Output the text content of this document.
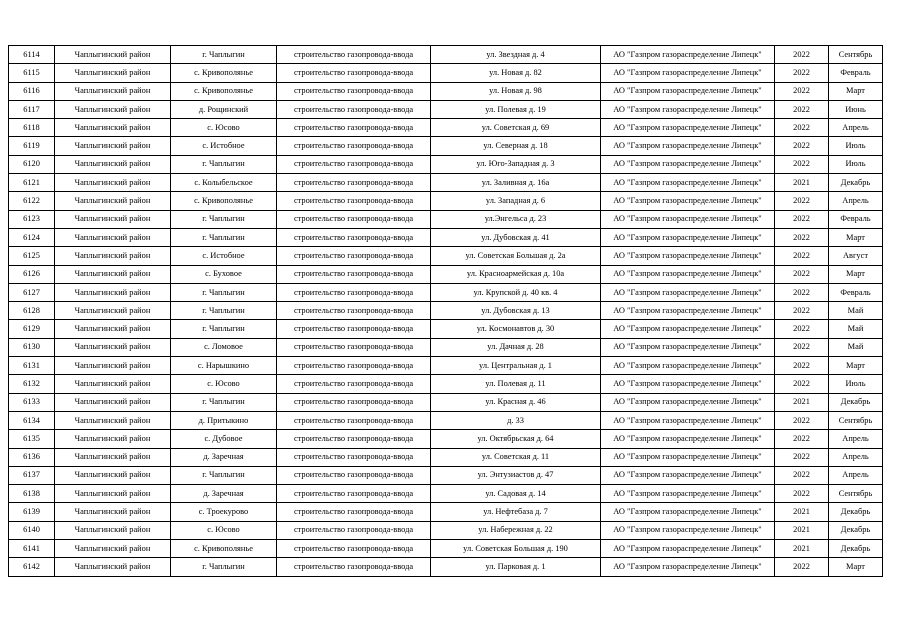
6114	Чаплыгинский район	г. Чаплыгин	строительство газопровода-ввода	ул. Звездная д. 4	АО "Газпром газораспределение Липецк"	2022	Сентябрь
6115	Чаплыгинский район	с. Кривополянье	строительство газопровода-ввода	ул. Новая д. 82	АО "Газпром газораспределение Липецк"	2022	Февраль
6116	Чаплыгинский район	с. Кривополянье	строительство газопровода-ввода	ул. Новая д. 98	АО "Газпром газораспределение Липецк"	2022	Март
6117	Чаплыгинский район	д. Рощинский	строительство газопровода-ввода	ул. Полевая д. 19	АО "Газпром газораспределение Липецк"	2022	Июнь
6118	Чаплыгинский район	с. Юсово	строительство газопровода-ввода	ул. Советская д. 69	АО "Газпром газораспределение Липецк"	2022	Апрель
6119	Чаплыгинский район	с. Истобное	строительство газопровода-ввода	ул. Северная д. 18	АО "Газпром газораспределение Липецк"	2022	Июль
6120	Чаплыгинский район	г. Чаплыгин	строительство газопровода-ввода	ул. Юго-Западная д. 3	АО "Газпром газораспределение Липецк"	2022	Июль
6121	Чаплыгинский район	с. Колыбельское	строительство газопровода-ввода	ул. Заливная д. 16а	АО "Газпром газораспределение Липецк"	2021	Декабрь
6122	Чаплыгинский район	с. Кривополянье	строительство газопровода-ввода	ул. Западная д. 6	АО "Газпром газораспределение Липецк"	2022	Апрель
6123	Чаплыгинский район	г. Чаплыгин	строительство газопровода-ввода	ул.Энгельса д. 23	АО "Газпром газораспределение Липецк"	2022	Февраль
6124	Чаплыгинский район	г. Чаплыгин	строительство газопровода-ввода	ул. Дубовская д. 41	АО "Газпром газораспределение Липецк"	2022	Март
6125	Чаплыгинский район	с. Истобное	строительство газопровода-ввода	ул. Советская Большая д. 2а	АО "Газпром газораспределение Липецк"	2022	Август
6126	Чаплыгинский район	с. Буховое	строительство газопровода-ввода	ул. Красноармейская д. 10а	АО "Газпром газораспределение Липецк"	2022	Март
6127	Чаплыгинский район	г. Чаплыгин	строительство газопровода-ввода	ул. Крупской д. 40 кв. 4	АО "Газпром газораспределение Липецк"	2022	Февраль
6128	Чаплыгинский район	г. Чаплыгин	строительство газопровода-ввода	ул. Дубовская д. 13	АО "Газпром газораспределение Липецк"	2022	Май
6129	Чаплыгинский район	г. Чаплыгин	строительство газопровода-ввода	ул. Космонавтов д. 30	АО "Газпром газораспределение Липецк"	2022	Май
6130	Чаплыгинский район	с. Ломовое	строительство газопровода-ввода	ул. Дачная д. 28	АО "Газпром газораспределение Липецк"	2022	Май
6131	Чаплыгинский район	с. Нарышкино	строительство газопровода-ввода	ул. Центральная д. 1	АО "Газпром газораспределение Липецк"	2022	Март
6132	Чаплыгинский район	с. Юсово	строительство газопровода-ввода	ул. Полевая д. 11	АО "Газпром газораспределение Липецк"	2022	Июль
6133	Чаплыгинский район	г. Чаплыгин	строительство газопровода-ввода	ул. Красная д. 46	АО "Газпром газораспределение Липецк"	2021	Декабрь
6134	Чаплыгинский район	д. Притыкино	строительство газопровода-ввода	д. 33	АО "Газпром газораспределение Липецк"	2022	Сентябрь
6135	Чаплыгинский район	с. Дубовое	строительство газопровода-ввода	ул. Октябрьская д. 64	АО "Газпром газораспределение Липецк"	2022	Апрель
6136	Чаплыгинский район	д. Заречная	строительство газопровода-ввода	ул. Советская д. 11	АО "Газпром газораспределение Липецк"	2022	Апрель
6137	Чаплыгинский район	г. Чаплыгин	строительство газопровода-ввода	ул. Энтузиастов д. 47	АО "Газпром газораспределение Липецк"	2022	Апрель
6138	Чаплыгинский район	д. Заречная	строительство газопровода-ввода	ул. Садовая д. 14	АО "Газпром газораспределение Липецк"	2022	Сентябрь
6139	Чаплыгинский район	с. Троекурово	строительство газопровода-ввода	ул. Нефтебаза д. 7	АО "Газпром газораспределение Липецк"	2021	Декабрь
6140	Чаплыгинский район	с. Юсово	строительство газопровода-ввода	ул. Набережная д. 22	АО "Газпром газораспределение Липецк"	2021	Декабрь
6141	Чаплыгинский район	с. Кривополянье	строительство газопровода-ввода	ул. Советская Большая д. 190	АО "Газпром газораспределение Липецк"	2021	Декабрь
6142	Чаплыгинский район	г. Чаплыгин	строительство газопровода-ввода	ул. Парковая д. 1	АО "Газпром газораспределение Липецк"	2022	Март
